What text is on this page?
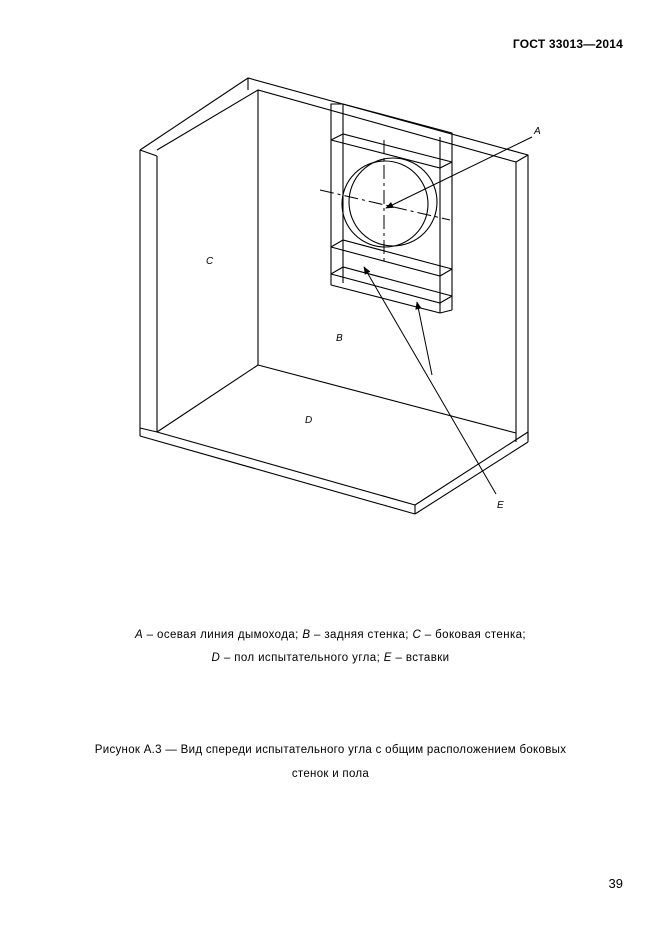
ГОСТ 33013—2014
A
B
C
D
E
A – осевая линия дымохода; B – задняя стенка; C – боковая стенка;
D – пол испытательного угла; E – вставки
Рисунок А.3 — Вид спереди испытательного угла с общим расположением боковых
стенок и пола
39
